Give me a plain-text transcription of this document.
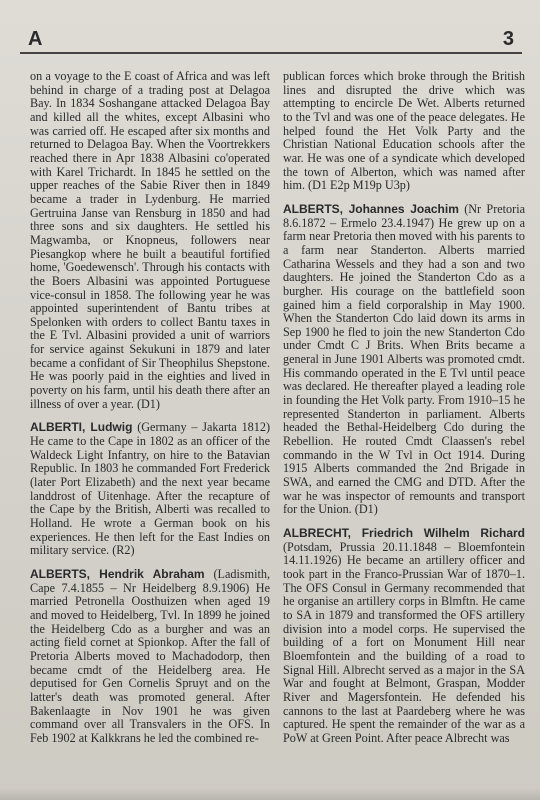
A	3

on a voyage to the E coast of Africa and was left behind in charge of a trading post at Delagoa Bay. In 1834 Soshangane attacked Delagoa Bay and killed all the whites, except Albasini who was carried off. He escaped after six months and returned to Delagoa Bay. When the Voortrekkers reached there in Apr 1838 Albasini co'operated with Karel Trichardt. In 1845 he settled on the upper reaches of the Sabie River then in 1849 became a trader in Lydenburg. He married Gertruina Janse van Rensburg in 1850 and had three sons and six daughters. He settled his Magwamba, or Knopneus, followers near Piesangkop where he built a beautiful fortified home, 'Goedewensch'. Through his contacts with the Boers Albasini was appointed Portuguese vice-consul in 1858. The following year he was appointed superintendent of Bantu tribes at Spelonken with orders to collect Bantu taxes in the E Tvl. Albasini provided a unit of warriors for service against Sekukuni in 1879 and later became a confidant of Sir Theophilus Shepstone. He was poorly paid in the eighties and lived in poverty on his farm, until his death there after an illness of over a year. (D1)

ALBERTI, Ludwig (Germany – Jakarta 1812) He came to the Cape in 1802 as an officer of the Waldeck Light Infantry, on hire to the Batavian Republic. In 1803 he commanded Fort Frederick (later Port Elizabeth) and the next year became landdrost of Uitenhage. After the recapture of the Cape by the British, Alberti was recalled to Holland. He wrote a German book on his experiences. He then left for the East Indies on military service. (R2)

ALBERTS, Hendrik Abraham (Ladismith, Cape 7.4.1855 – Nr Heidelberg 8.9.1906) He married Petronella Oosthuizen when aged 19 and moved to Heidelberg, Tvl. In 1899 he joined the Heidelberg Cdo as a burgher and was an acting field cornet at Spionkop. After the fall of Pretoria Alberts moved to Machadodorp, then became cmdt of the Heidelberg area. He deputised for Gen Cornelis Spruyt and on the latter's death was promoted general. After Bakenlaagte in Nov 1901 he was given command over all Transvalers in the OFS. In Feb 1902 at Kalkkrans he led the combined re-

publican forces which broke through the British lines and disrupted the drive which was attempting to encircle De Wet. Alberts returned to the Tvl and was one of the peace delegates. He helped found the Het Volk Party and the Christian National Education schools after the war. He was one of a syndicate which developed the town of Alberton, which was named after him. (D1 E2p M19p U3p)

ALBERTS, Johannes Joachim (Nr Pretoria 8.6.1872 – Ermelo 23.4.1947) He grew up on a farm near Pretoria then moved with his parents to a farm near Standerton. Alberts married Catharina Wessels and they had a son and two daughters. He joined the Standerton Cdo as a burgher. His courage on the battlefield soon gained him a field corporalship in May 1900. When the Standerton Cdo laid down its arms in Sep 1900 he fled to join the new Standerton Cdo under Cmdt C J Brits. When Brits became a general in June 1901 Alberts was promoted cmdt. His commando operated in the E Tvl until peace was declared. He thereafter played a leading role in founding the Het Volk party. From 1910–15 he represented Standerton in parliament. Alberts headed the Bethal-Heidelberg Cdo during the Rebellion. He routed Cmdt Claassen's rebel commando in the W Tvl in Oct 1914. During 1915 Alberts commanded the 2nd Brigade in SWA, and earned the CMG and DTD. After the war he was inspector of remounts and transport for the Union. (D1)

ALBRECHT, Friedrich Wilhelm Richard (Potsdam, Prussia 20.11.1848 – Bloemfontein 14.11.1926) He became an artillery officer and took part in the Franco-Prussian War of 1870–1. The OFS Consul in Germany recommended that he organise an artillery corps in Blmftn. He came to SA in 1879 and transformed the OFS artillery division into a model corps. He supervised the building of a fort on Monument Hill near Bloemfontein and the building of a road to Signal Hill. Albrecht served as a major in the SA War and fought at Belmont, Graspan, Modder River and Magersfontein. He defended his cannons to the last at Paardeberg where he was captured. He spent the remainder of the war as a PoW at Green Point. After peace Albrecht was
